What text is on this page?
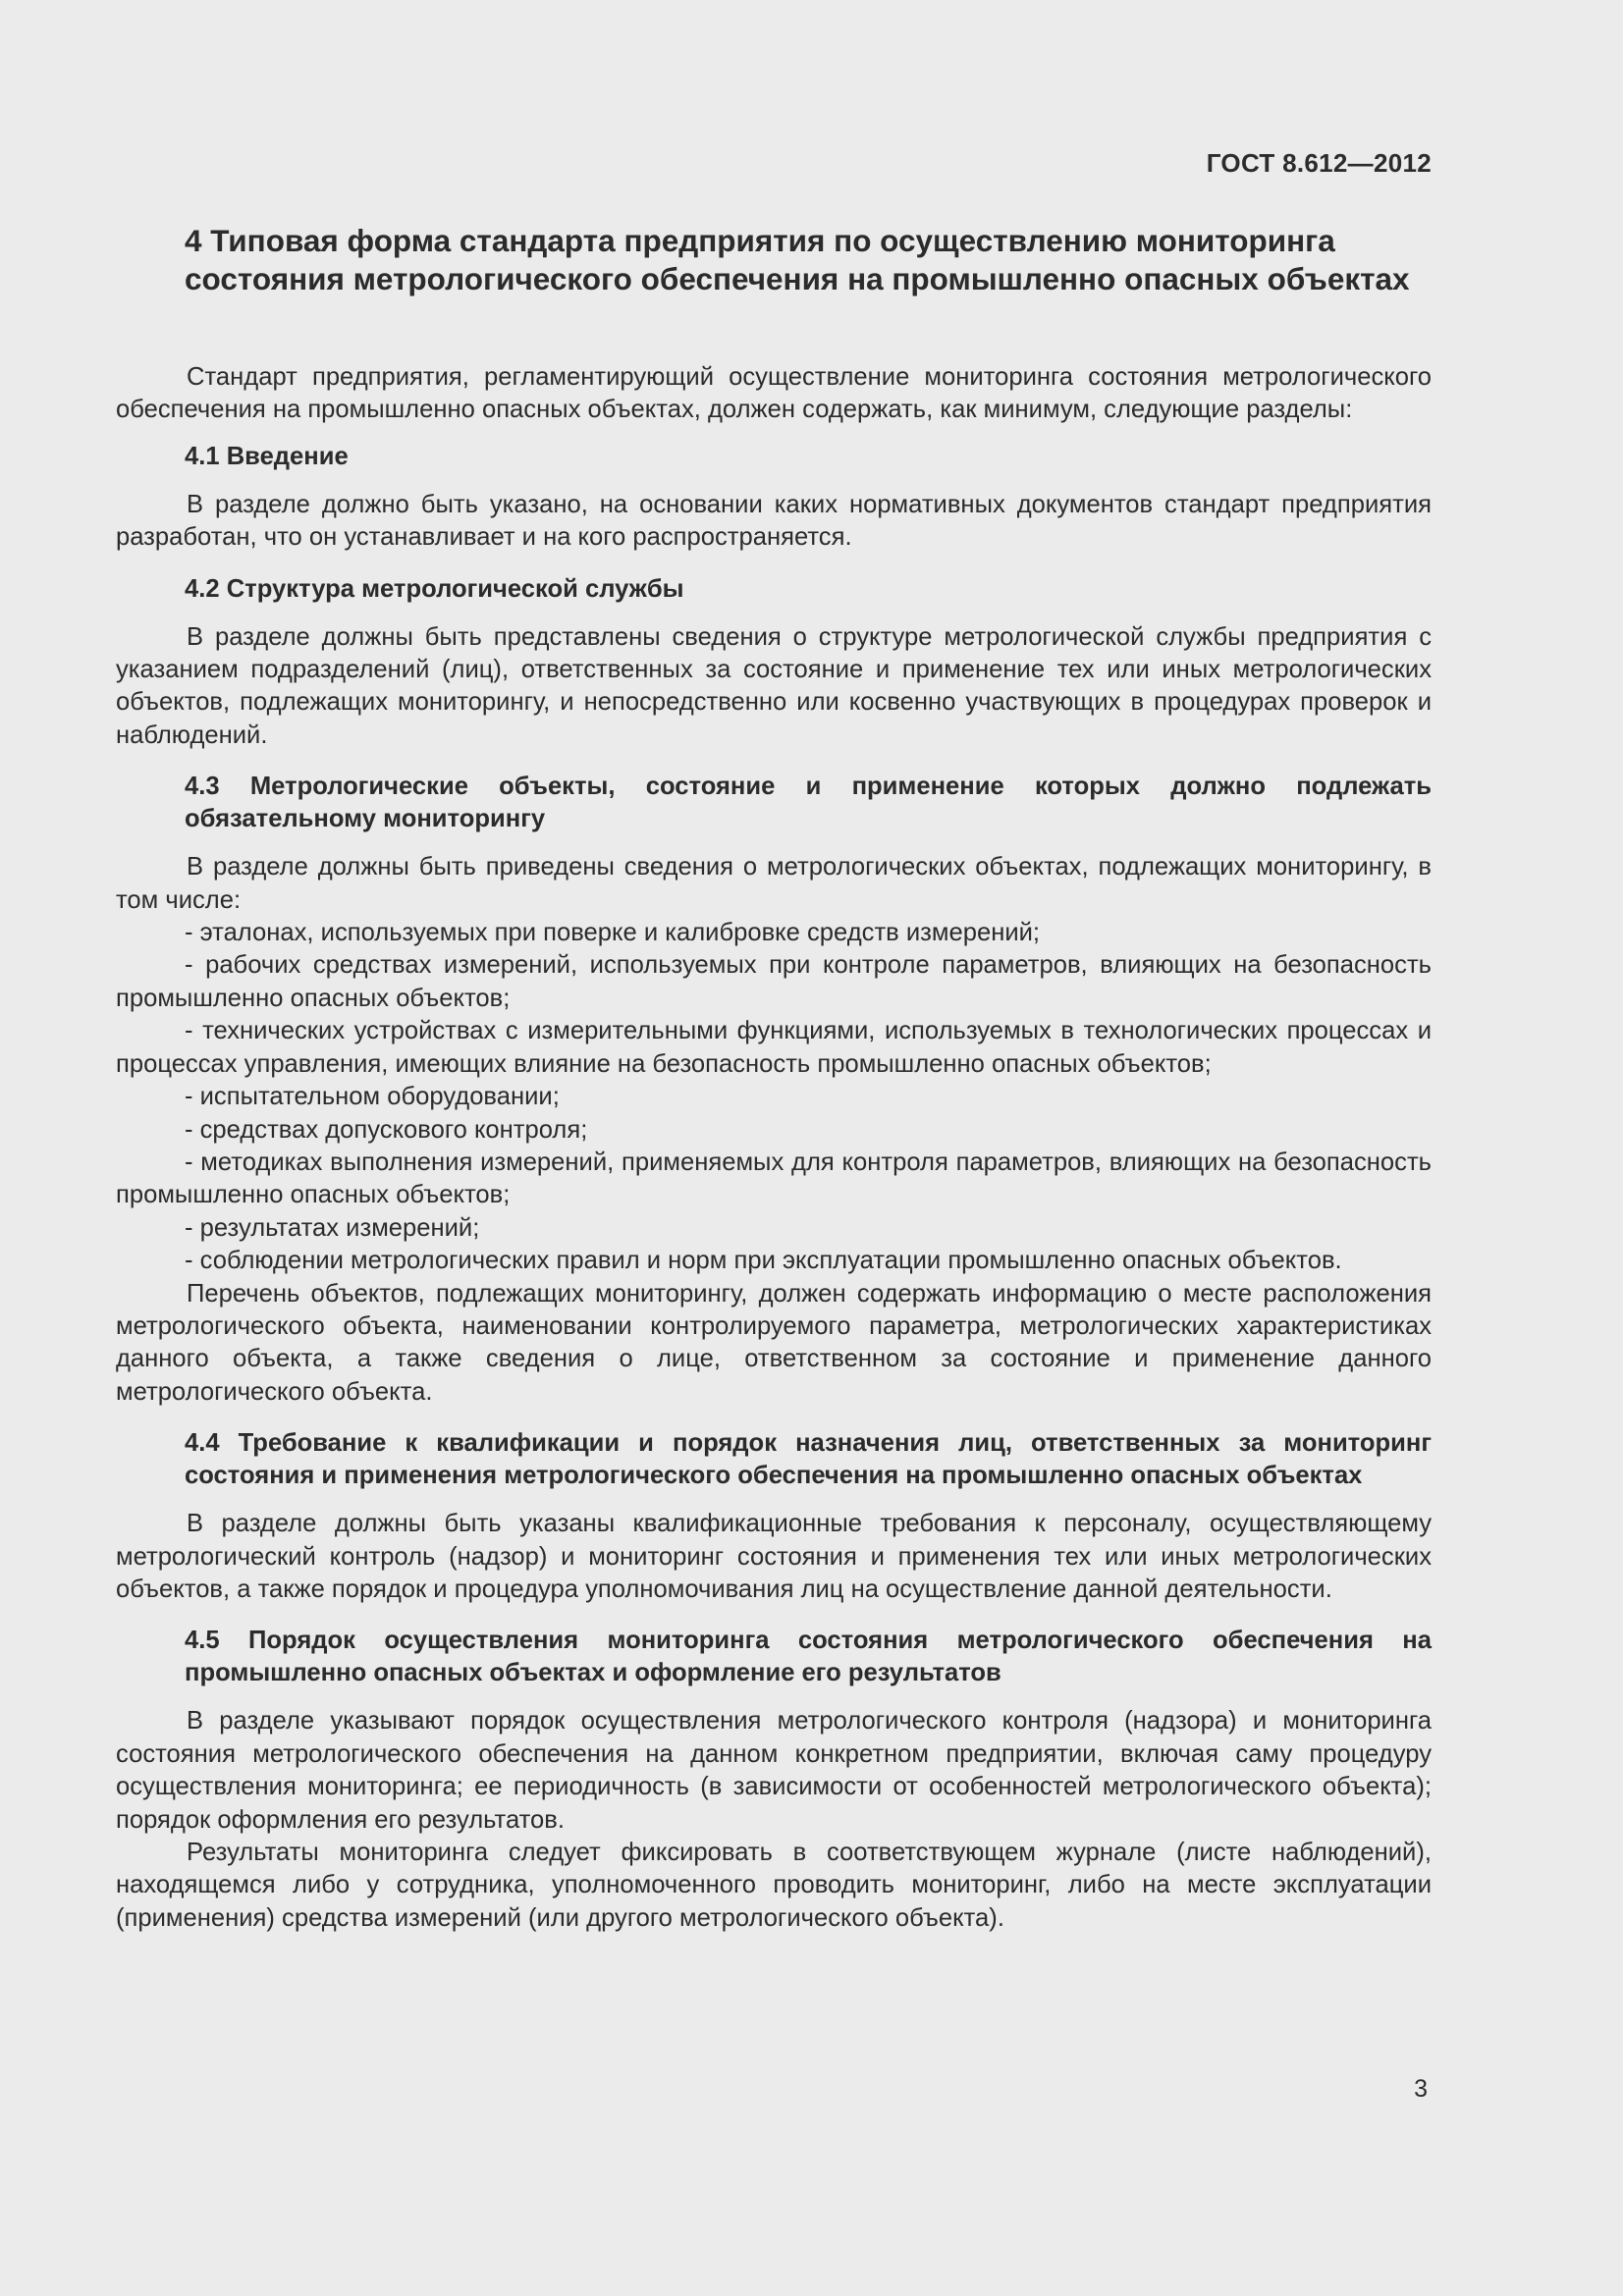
ГОСТ 8.612—2012
4 Типовая форма стандарта предприятия по осуществлению мониторинга состояния метрологического обеспечения на промышленно опасных объектах

Стандарт предприятия, регламентирующий осуществление мониторинга состояния метрологического обеспечения на промышленно опасных объектах, должен содержать, как минимум, следующие разделы:

4.1 Введение

В разделе должно быть указано, на основании каких нормативных документов стандарт предприятия разработан, что он устанавливает и на кого распространяется.

4.2 Структура метрологической службы

В разделе должны быть представлены сведения о структуре метрологической службы предприятия с указанием подразделений (лиц), ответственных за состояние и применение тех или иных метрологических объектов, подлежащих мониторингу, и непосредственно или косвенно участвующих в процедурах проверок и наблюдений.

4.3 Метрологические объекты, состояние и применение которых должно подлежать обязательному мониторингу

В разделе должны быть приведены сведения о метрологических объектах, подлежащих мониторингу, в том числе:

- эталонах, используемых при поверке и калибровке средств измерений;
- рабочих средствах измерений, используемых при контроле параметров, влияющих на безопасность промышленно опасных объектов;
- технических устройствах с измерительными функциями, используемых в технологических процессах и процессах управления, имеющих влияние на безопасность промышленно опасных объектов;
- испытательном оборудовании;
- средствах допускового контроля;
- методиках выполнения измерений, применяемых для контроля параметров, влияющих на безопасность промышленно опасных объектов;
- результатах измерений;
- соблюдении метрологических правил и норм при эксплуатации промышленно опасных объектов.

Перечень объектов, подлежащих мониторингу, должен содержать информацию о месте расположения метрологического объекта, наименовании контролируемого параметра, метрологических характеристиках данного объекта, а также сведения о лице, ответственном за состояние и применение данного метрологического объекта.

4.4 Требование к квалификации и порядок назначения лиц, ответственных за мониторинг состояния и применения метрологического обеспечения на промышленно опасных объектах

В разделе должны быть указаны квалификационные требования к персоналу, осуществляющему метрологический контроль (надзор) и мониторинг состояния и применения тех или иных метрологических объектов, а также порядок и процедура уполномочивания лиц на осуществление данной деятельности.

4.5 Порядок осуществления мониторинга состояния метрологического обеспечения на промышленно опасных объектах и оформление его результатов

В разделе указывают порядок осуществления метрологического контроля (надзора) и мониторинга состояния метрологического обеспечения на данном конкретном предприятии, включая саму процедуру осуществления мониторинга; ее периодичность (в зависимости от особенностей метрологического объекта); порядок оформления его результатов.

Результаты мониторинга следует фиксировать в соответствующем журнале (листе наблюдений), находящемся либо у сотрудника, уполномоченного проводить мониторинг, либо на месте эксплуатации (применения) средства измерений (или другого метрологического объекта).

3
